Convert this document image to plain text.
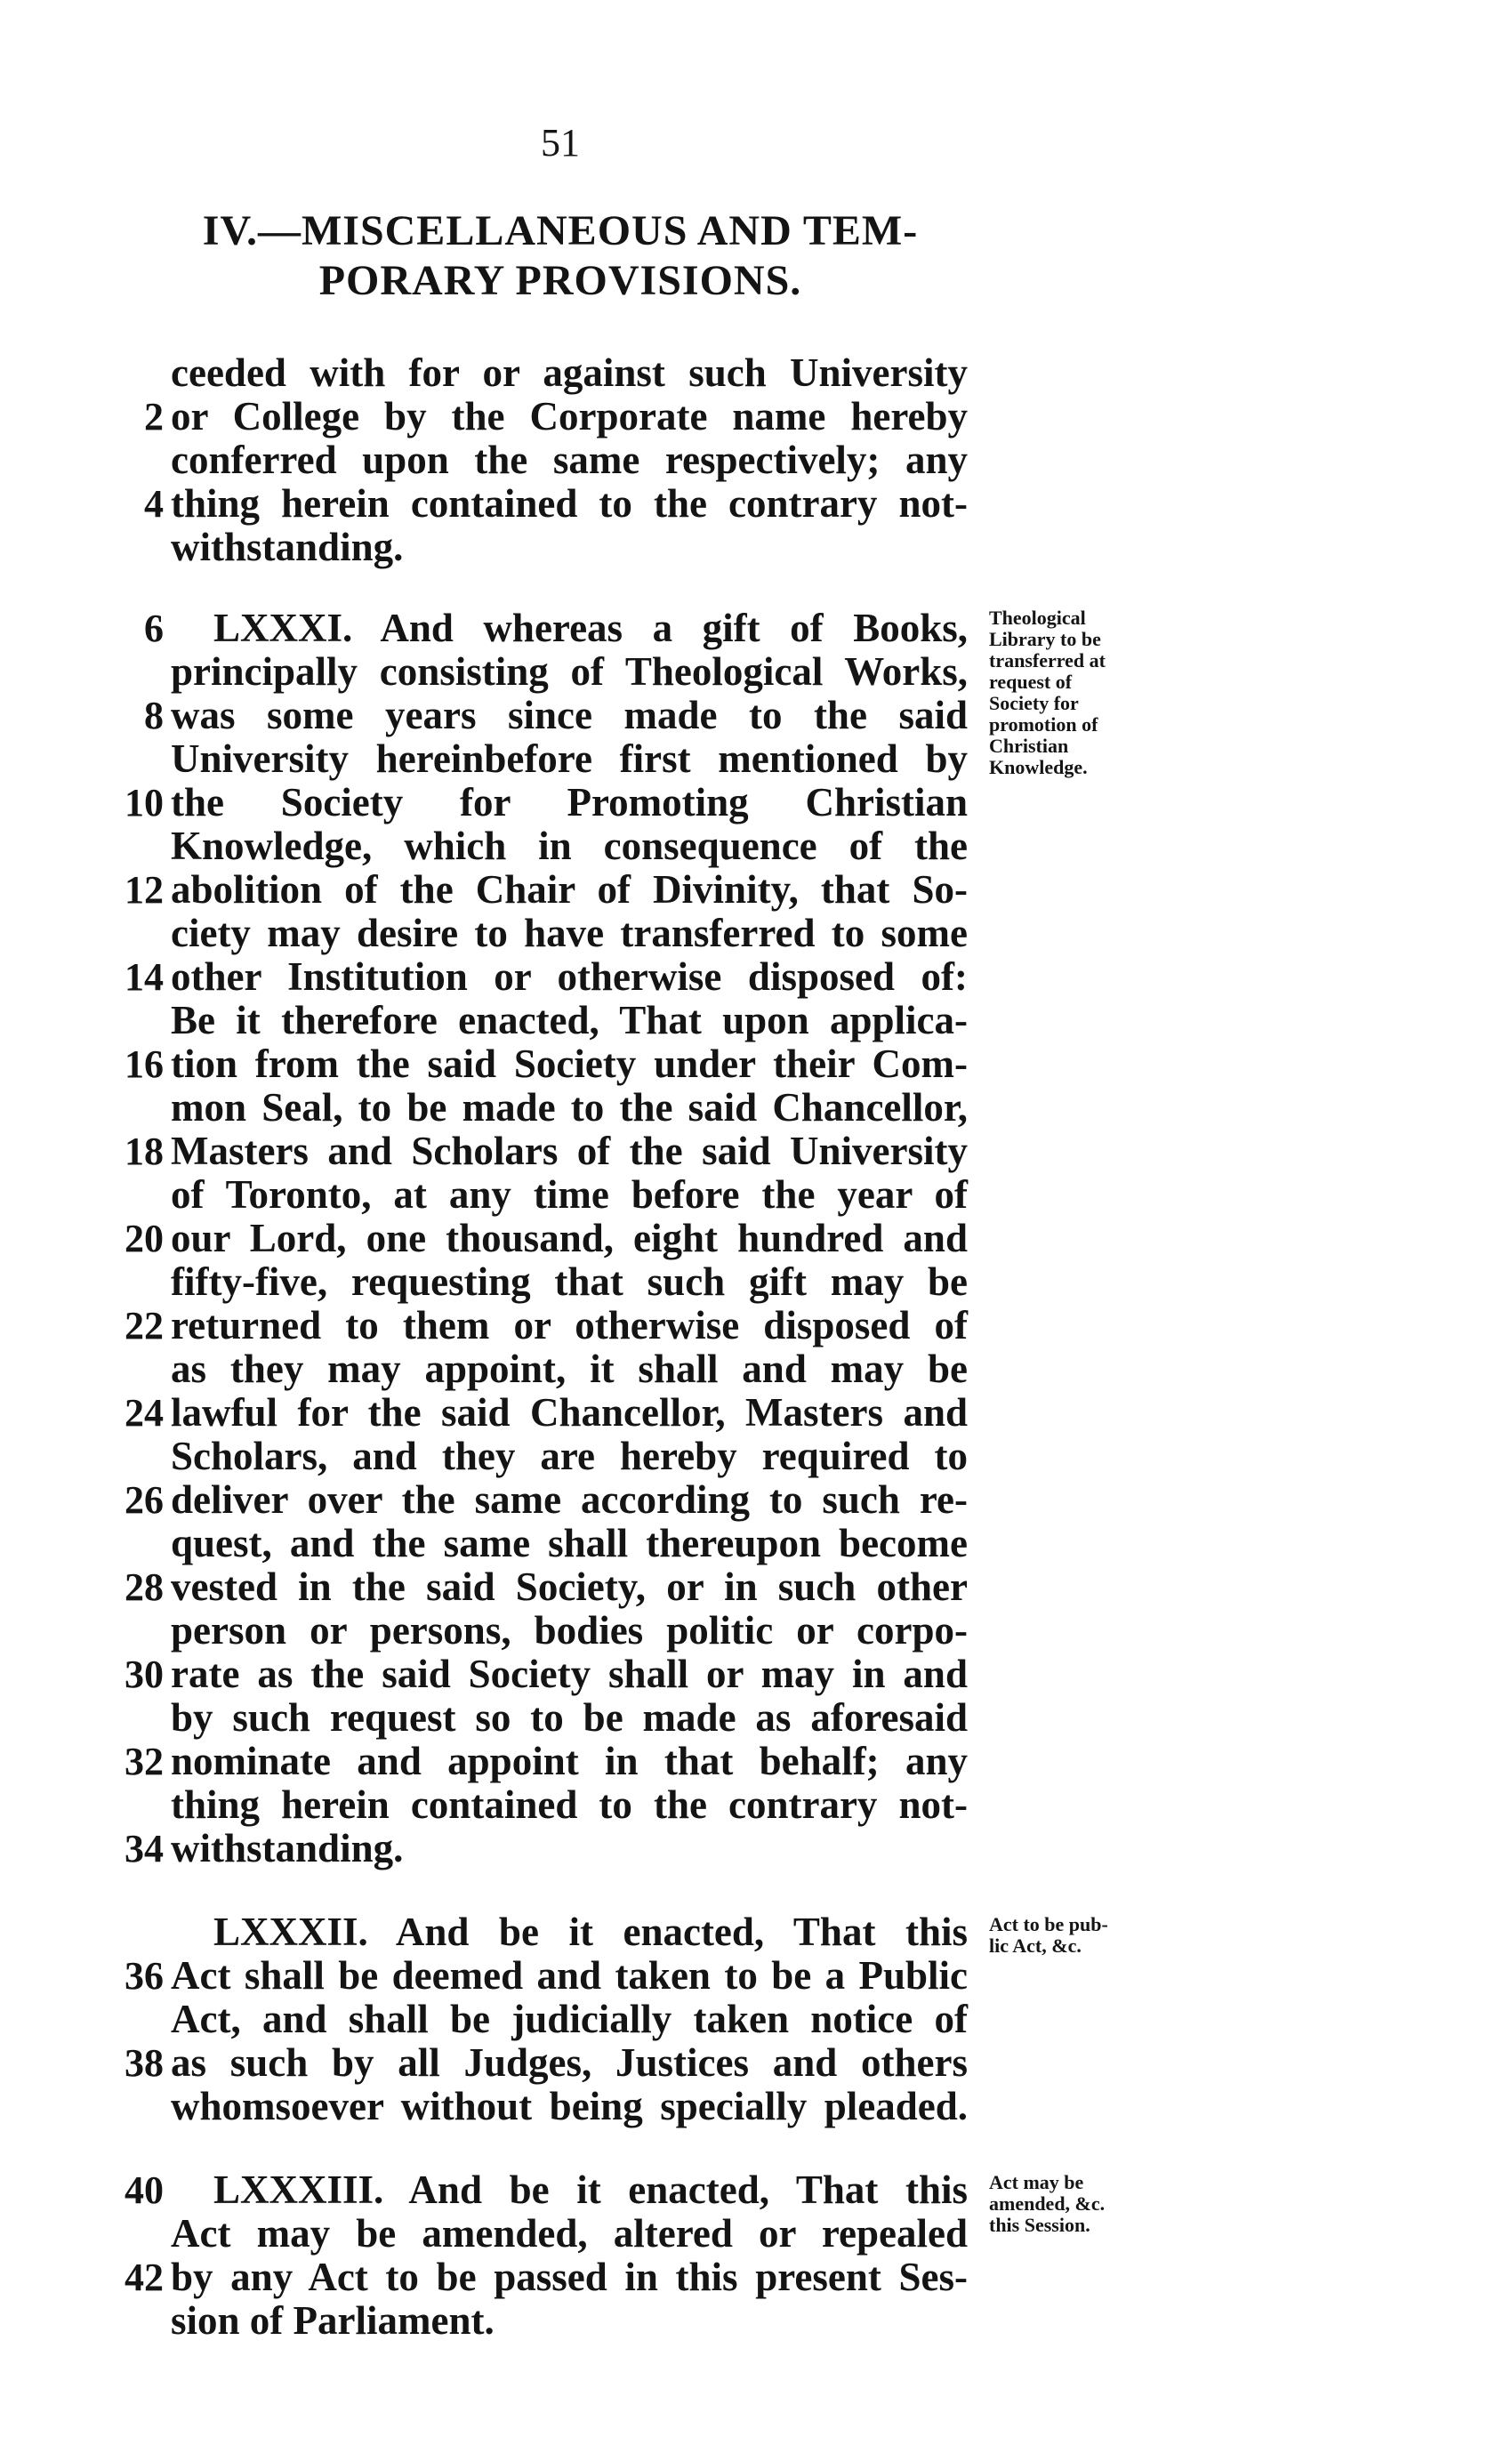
51
IV.—MISCELLANEOUS AND TEM-
PORARY PROVISIONS.
ceeded with for or against such University
2 or College by the Corporate name hereby
conferred upon the same respectively; any
4 thing herein contained to the contrary not-
withstanding.
6	LXXXI. And whereas a gift of Books,
principally consisting of Theological Works,
8 was some years since made to the said
University hereinbefore first mentioned by
10 the Society for Promoting Christian
Knowledge, which in consequence of the
12 abolition of the Chair of Divinity, that So-
ciety may desire to have transferred to some
14 other Institution or otherwise disposed of:
Be it therefore enacted, That upon applica-
16 tion from the said Society under their Com-
mon Seal, to be made to the said Chancellor,
18 Masters and Scholars of the said University
of Toronto, at any time before the year of
20 our Lord, one thousand, eight hundred and
fifty-five, requesting that such gift may be
22 returned to them or otherwise disposed of
as they may appoint, it shall and may be
24 lawful for the said Chancellor, Masters and
Scholars, and they are hereby required to
26 deliver over the same according to such re-
quest, and the same shall thereupon become
28 vested in the said Society, or in such other
person or persons, bodies politic or corpo-
30 rate as the said Society shall or may in and
by such request so to be made as aforesaid
32 nominate and appoint in that behalf; any
thing herein contained to the contrary not-
34 withstanding.
LXXXII. And be it enacted, That this
36 Act shall be deemed and taken to be a Public
Act, and shall be judicially taken notice of
38 as such by all Judges, Justices and others
whomsoever without being specially pleaded.
40	LXXXIII. And be it enacted, That this
Act may be amended, altered or repealed
42 by any Act to be passed in this present Ses-
sion of Parliament.
Theological
Library to be
transferred at
request of
Society for
promotion of
Christian
Knowledge.
Act to be pub-
lic Act, &c.
Act may be
amended, &c.
this Session.
